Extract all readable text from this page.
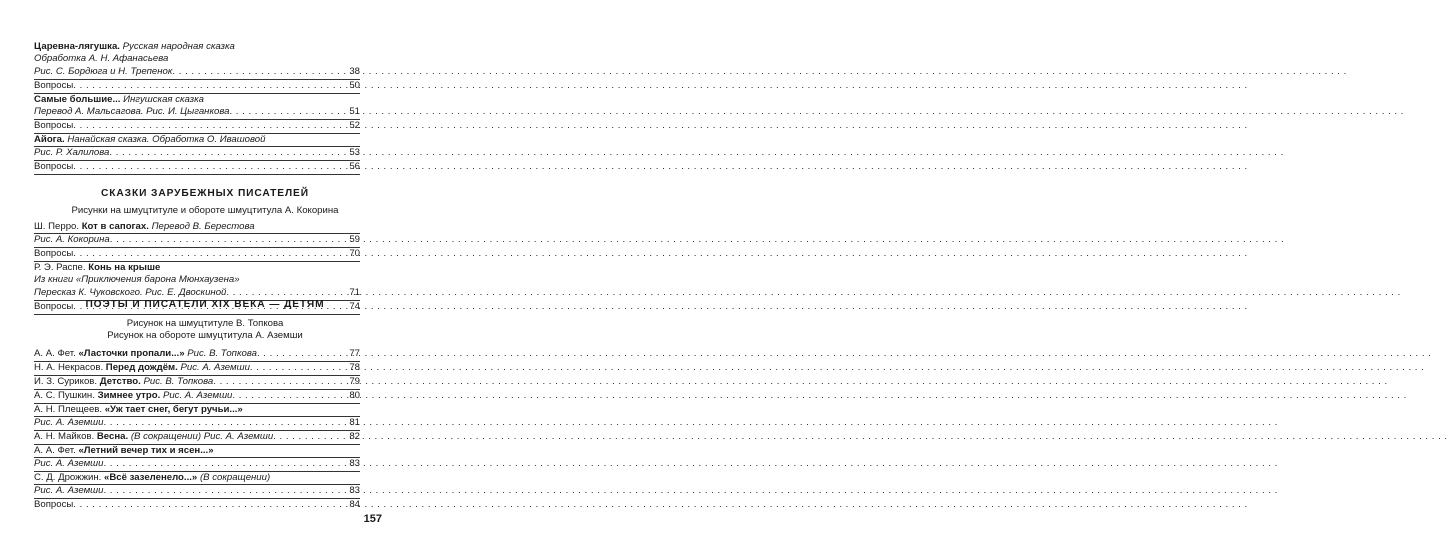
Царевна-лягушка. Русская народная сказка
Обработка А. Н. Афанасьева
Рис. С. Бордюга и Н. Трепенок . . .	38
Вопросы . . .	50
Самые большие... Ингушская сказка
Перевод А. Мальсагова. Рис. И. Цыганкова . . .	51
Вопросы . . .	52
Айога. Нанайская сказка. Обработка О. Ивашовой
Рис. Р. Халилова . . .	53
Вопросы . . .	56
СКАЗКИ ЗАРУБЕЖНЫХ ПИСАТЕЛЕЙ
Рисунки на шмуцтитуле и обороте шмуцтитула А. Кокорина
Ш. Перро. Кот в сапогах. Перевод В. Берестова
Рис. А. Кокорина . . .	59
Вопросы . . .	70
Р. Э. Распе. Конь на крыше
Из книги «Приключения барона Мюнхаузена»
Пересказ К. Чуковского. Рис. Е. Двоскиной . . .	71
Вопросы . . .	74
ПОЭТЫ И ПИСАТЕЛИ XIX ВЕКА — ДЕТЯМ
Рисунок на шмуцтитуле В. Топкова
Рисунок на обороте шмуцтитула А. Аземши
А. А. Фет. «Ласточки пропали...» Рис. В. Топкова . . .	77
Н. А. Некрасов. Перед дождём. Рис. А. Аземши . . .	78
И. З. Суриков. Детство. Рис. В. Топкова . . .	79
А. С. Пушкин. Зимнее утро. Рис. А. Аземши . . .	80
А. Н. Плещеев. «Уж тает снег, бегут ручьи...»
Рис. А. Аземши . . .	81
А. Н. Майков. Весна. (В сокращении) Рис. А. Аземши . . .	82
А. А. Фет. «Летний вечер тих и ясен...»
Рис. А. Аземши . . .	83
С. Д. Дрожжин. «Всё зазеленело...» (В сокращении)
Рис. А. Аземши . . .	83
Вопросы . . .	84
157
